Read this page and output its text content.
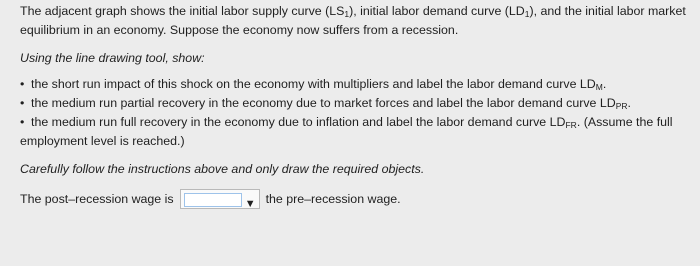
The adjacent graph shows the initial labor supply curve $(LS_1)$, initial labor demand curve $(LD_1)$, and the initial labor market
equilibrium in an economy. Suppose the economy now suffers from a recession.

Using the line drawing tool, show:

• the short run impact of this shock on the economy with multipliers and label the labor demand curve $LD_M$.
• the medium run partial recovery in the economy due to market forces and label the labor demand curve $LD_{PR}$.
• the medium run full recovery in the economy due to inflation and label the labor demand curve $LD_{FR}$. (Assume the full

employment level is reached.)

Carefully follow the instructions above and only draw the required objects.

The post–recession wage is	▼ the pre–recession wage.
